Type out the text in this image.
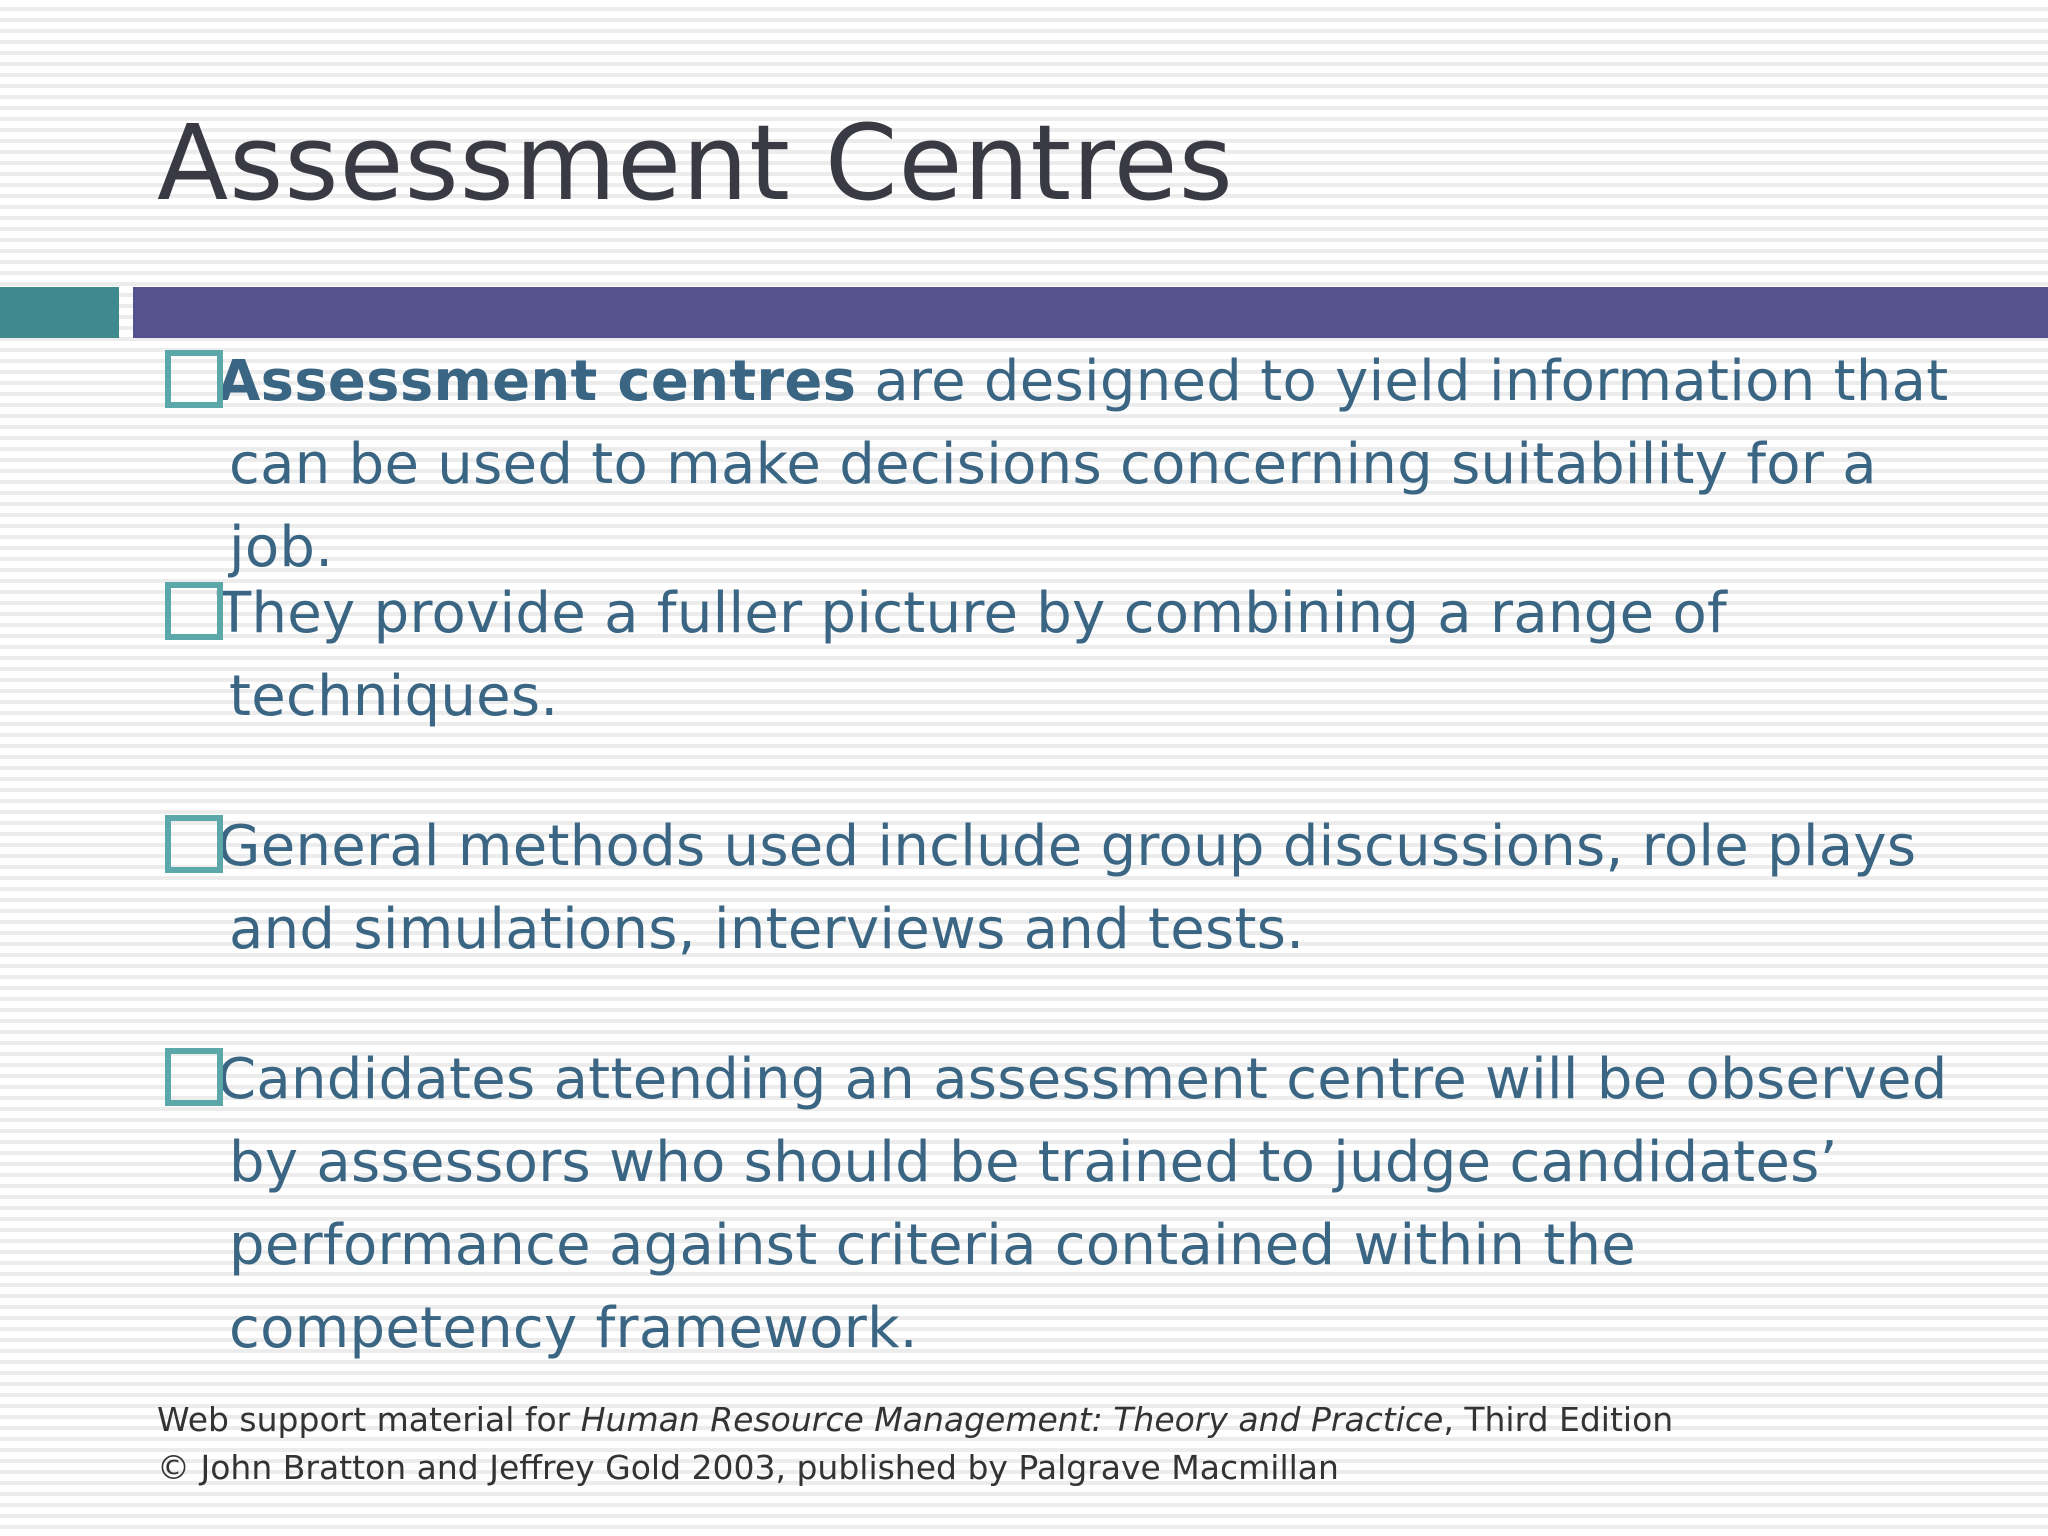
Assessment Centres

Assessment centres are designed to yield information that can be used to make decisions concerning suitability for a job.

They provide a fuller picture by combining a range of techniques.

General methods used include group discussions, role plays and simulations, interviews and tests.

Candidates attending an assessment centre will be observed by assessors who should be trained to judge candidates’ performance against criteria contained within the competency framework.

Web support material for Human Resource Management: Theory and Practice, Third Edition
© John Bratton and Jeffrey Gold 2003, published by Palgrave Macmillan
